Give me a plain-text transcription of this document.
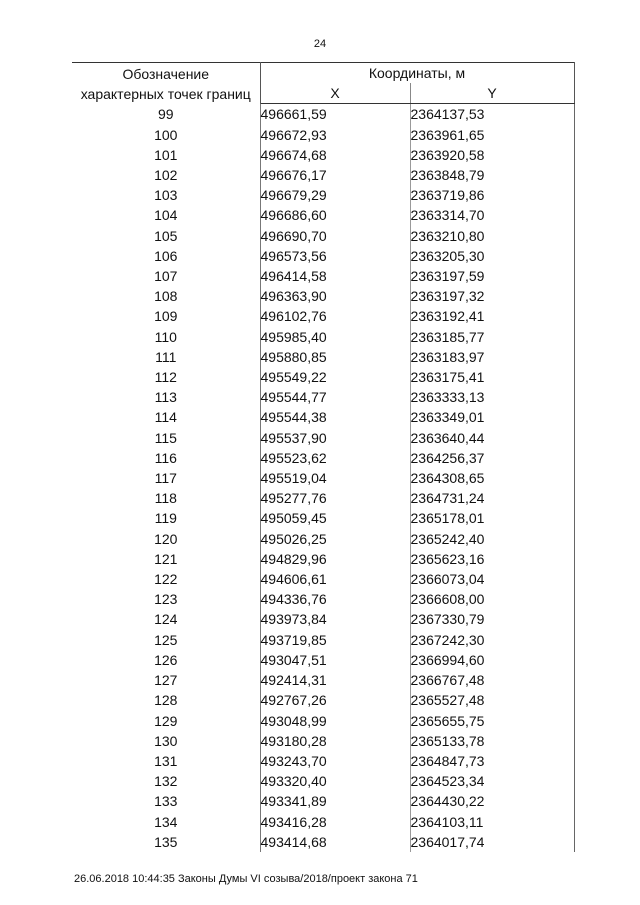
24
Обозначение
характерных точек границ	Координаты, м	
	X	Y
99	496661,59	2364137,53
100	496672,93	2363961,65
101	496674,68	2363920,58
102	496676,17	2363848,79
103	496679,29	2363719,86
104	496686,60	2363314,70
105	496690,70	2363210,80
106	496573,56	2363205,30
107	496414,58	2363197,59
108	496363,90	2363197,32
109	496102,76	2363192,41
110	495985,40	2363185,77
111	495880,85	2363183,97
112	495549,22	2363175,41
113	495544,77	2363333,13
114	495544,38	2363349,01
115	495537,90	2363640,44
116	495523,62	2364256,37
117	495519,04	2364308,65
118	495277,76	2364731,24
119	495059,45	2365178,01
120	495026,25	2365242,40
121	494829,96	2365623,16
122	494606,61	2366073,04
123	494336,76	2366608,00
124	493973,84	2367330,79
125	493719,85	2367242,30
126	493047,51	2366994,60
127	492414,31	2366767,48
128	492767,26	2365527,48
129	493048,99	2365655,75
130	493180,28	2365133,78
131	493243,70	2364847,73
132	493320,40	2364523,34
133	493341,89	2364430,22
134	493416,28	2364103,11
135	493414,68	2364017,74
26.06.2018 10:44:35 Законы Думы VI созыва/2018/проект закона 71
